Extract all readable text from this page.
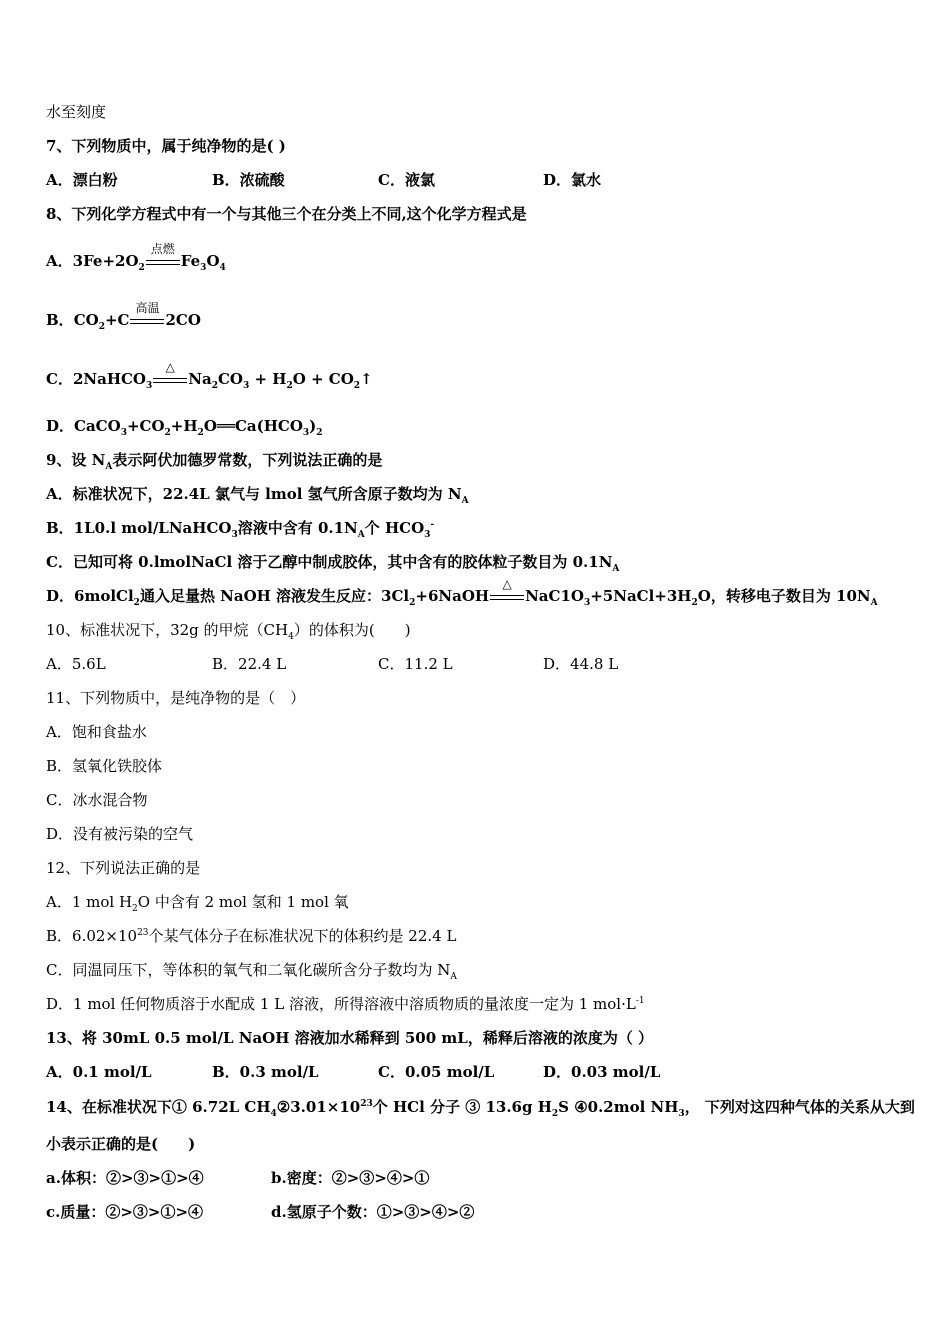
水至刻度
7、下列物质中，属于纯净物的是( )
A．漂白粉	B．浓硫酸	C．液氯	D．氯水
8、下列化学方程式中有一个与其他三个在分类上不同,这个化学方程式是
A．$3Fe+2O_2$
点燃
$Fe_3O_4$
B．$CO_2+C$
高温
2CO
C．2NaHCO$_3$
△
$Na_2CO_3 + H_2O$ + $CO_2↑$
D．$CaCO_3+CO_2+H_2O══Ca(HCO_3)_2$
9、设 $N_A$表示阿伏加德罗常数，下列说法正确的是
A．标准状况下，22.4L 氯气与 lmol 氢气所含原子数均为 $N_A$
B．1L0.l mol/LNaHCO$_3$溶液中含有 $0.1N_A$个 $HCO_3^-$
C．已知可将 0.lmolNaCl 溶于乙醇中制成胶体，其中含有的胶体粒子数目为 $0.1N_A$
D．6molCl$_2$通入足量热 NaOH 溶液发生反应：$3Cl_2+6NaOH$
△
$NaC1O_3+5NaCl+3H_2O$，转移电子数目为 $10N_A$
10、标准状况下，32g 的甲烷$(CH_4)$的体积为(　　)
A．5.6L	B．22.4 L	C．11.2 L	D．44.8 L
11、下列物质中，是纯净物的是（　）
A．饱和食盐水
B．氢氧化铁胶体
C．冰水混合物
D．没有被污染的空气
12、下列说法正确的是
A．1 mol $H_2O$ 中含有 2 mol 氢和 1 mol 氧
B．$6.02\times 10^{23}$个某气体分子在标准状况下的体积约是 22.4 L
C．同温同压下，等体积的氧气和二氧化碳所含分子数均为 $N_A$
D．1 mol 任何物质溶于水配成 1 L 溶液，所得溶液中溶质物质的量浓度一定为 1 $mol\cdot L^{-1}$
13、将 30mL 0.5 mol/L NaOH 溶液加水稀释到 500 mL，稀释后溶液的浓度为（ ）
A．0.1 mol/L	B．0.3 mol/L	C．0.05 mol/L	D．0.03 mol/L
14、在标准状况下① 6.72L $CH_4②3.01\times 10^{23}$个 HCl 分子 ③ 13.6g $H_2S$ ④0.2mol $NH_3$， 下列对这四种气体的关系从大到
小表示正确的是(　　)
a.体积：②>③>①>④	b.密度：②>③>④>①
c.质量：②>③>①>④	d.氢原子个数：①>③>④>②
